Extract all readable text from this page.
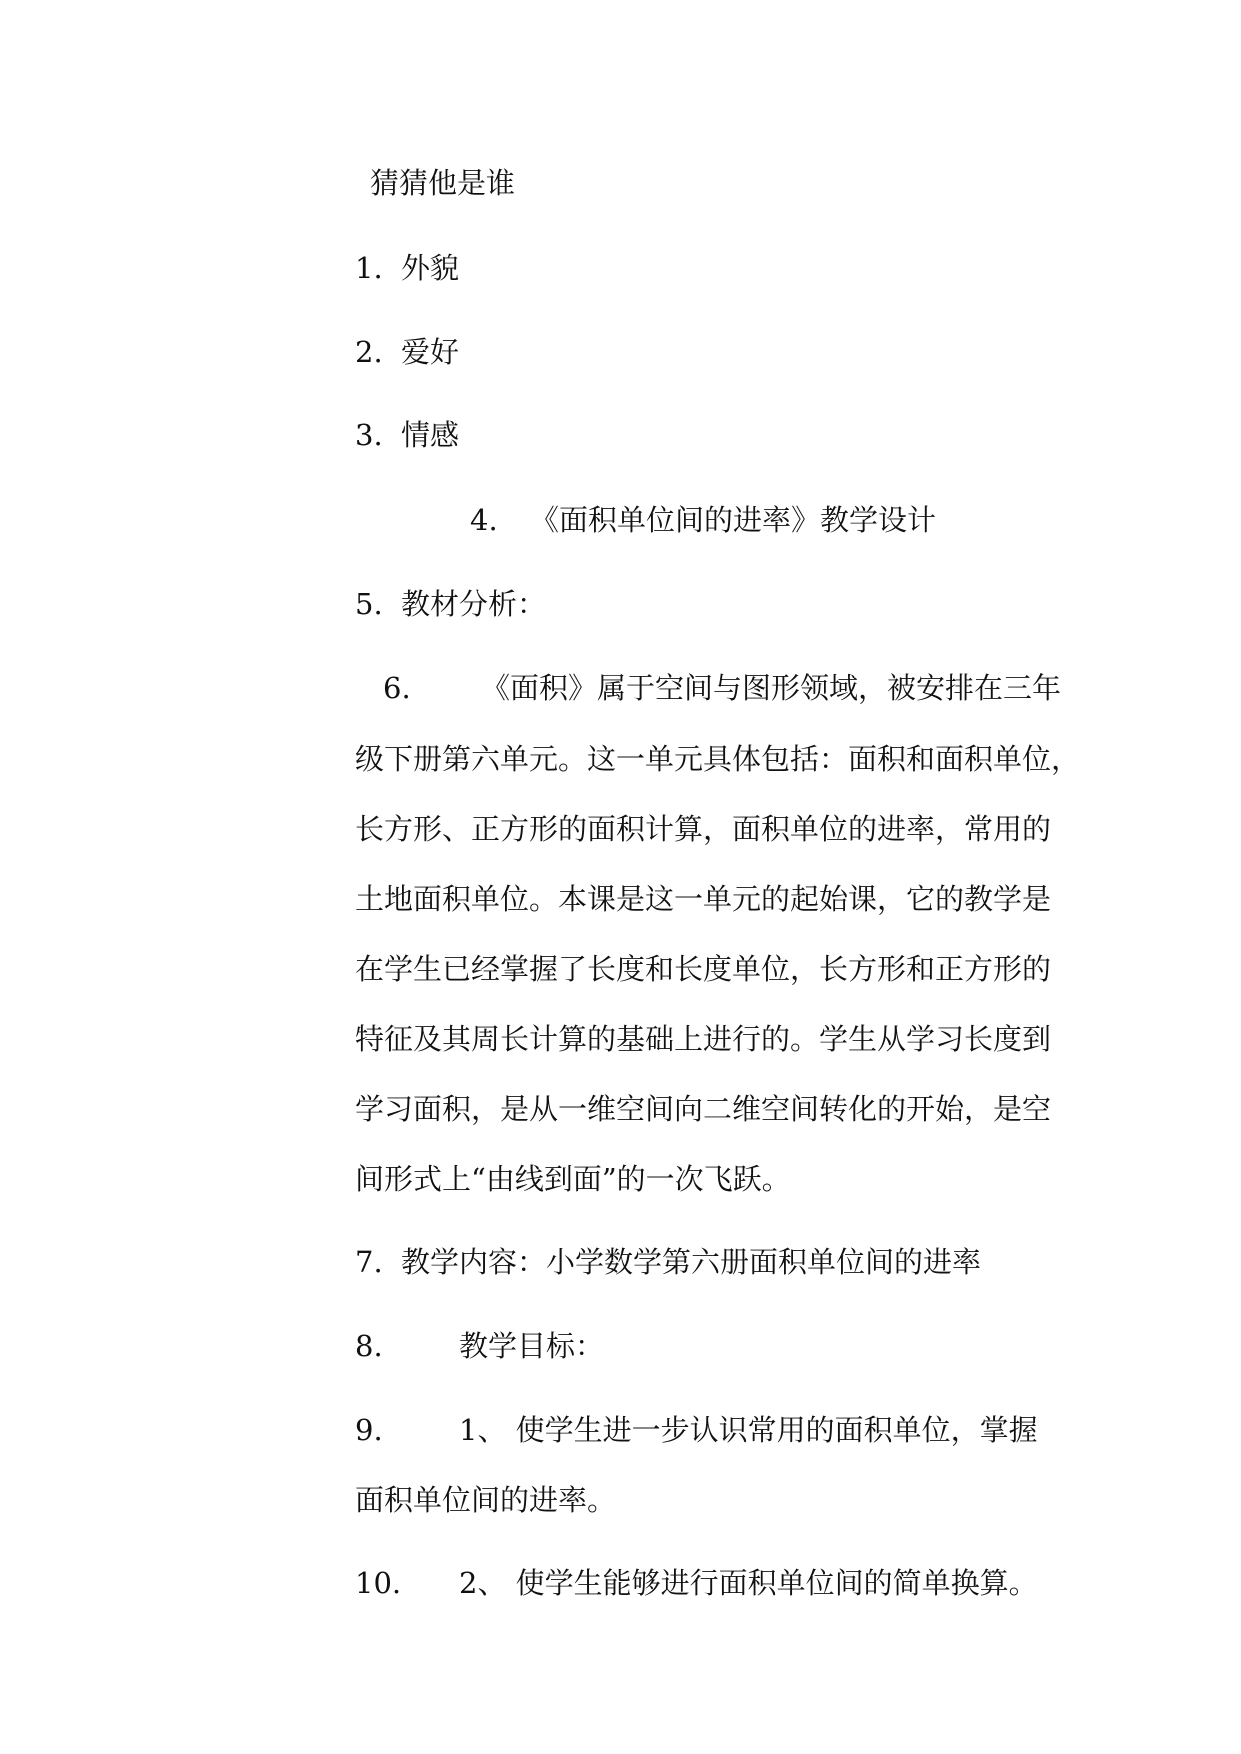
猜猜他是谁
1. 外貌
2. 爱好
3. 情感
4. 《面积单位间的进率》教学设计
5. 教材分析：
6. 《面积》属于空间与图形领域，被安排在三年
级下册第六单元。这一单元具体包括：面积和面积单位，
长方形、正方形的面积计算，面积单位的进率，常用的
土地面积单位。本课是这一单元的起始课，它的教学是
在学生已经掌握了长度和长度单位，长方形和正方形的
特征及其周长计算的基础上进行的。学生从学习长度到
学习面积，是从一维空间向二维空间转化的开始，是空
间形式上“由线到面”的一次飞跃。
7. 教学内容：小学数学第六册面积单位间的进率
8.	教学目标：
9.	1、 使学生进一步认识常用的面积单位，掌握
面积单位间的进率。
10. 2、 使学生能够进行面积单位间的简单换算。
